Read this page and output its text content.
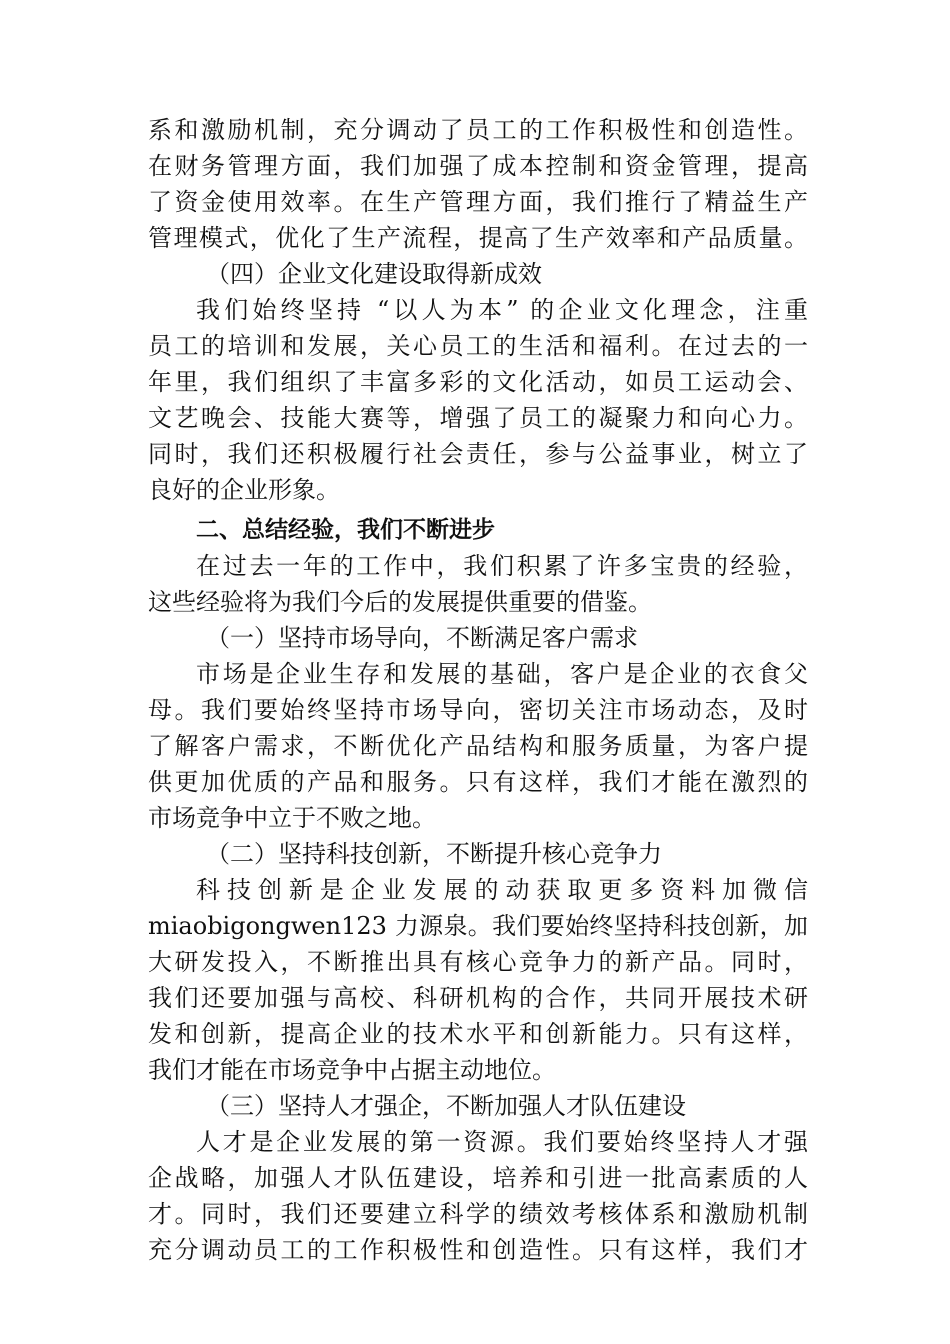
系和激励机制，充分调动了员工的工作积极性和创造性。
在财务管理方面，我们加强了成本控制和资金管理，提高
了资金使用效率。在生产管理方面，我们推行了精益生产
管理模式，优化了生产流程，提高了生产效率和产品质量。
（四）企业文化建设取得新成效
我们始终坚持 “以人为本” 的企业文化理念，注重
员工的培训和发展，关心员工的生活和福利。在过去的一
年里，我们组织了丰富多彩的文化活动，如员工运动会、
文艺晚会、技能大赛等，增强了员工的凝聚力和向心力。
同时，我们还积极履行社会责任，参与公益事业，树立了
良好的企业形象。
二、总结经验，我们不断进步
在过去一年的工作中，我们积累了许多宝贵的经验，
这些经验将为我们今后的发展提供重要的借鉴。
（一）坚持市场导向，不断满足客户需求
市场是企业生存和发展的基础，客户是企业的衣食父
母。我们要始终坚持市场导向，密切关注市场动态，及时
了解客户需求，不断优化产品结构和服务质量，为客户提
供更加优质的产品和服务。只有这样，我们才能在激烈的
市场竞争中立于不败之地。
（二）坚持科技创新，不断提升核心竞争力
科技创新是企业发展的动获取更多资料加微信
miaobigongwen123 力源泉。我们要始终坚持科技创新，加
大研发投入，不断推出具有核心竞争力的新产品。同时，
我们还要加强与高校、科研机构的合作，共同开展技术研
发和创新，提高企业的技术水平和创新能力。只有这样，
我们才能在市场竞争中占据主动地位。
（三）坚持人才强企，不断加强人才队伍建设
人才是企业发展的第一资源。我们要始终坚持人才强
企战略，加强人才队伍建设，培养和引进一批高素质的人
才。同时，我们还要建立科学的绩效考核体系和激励机制
充分调动员工的工作积极性和创造性。只有这样，我们才
